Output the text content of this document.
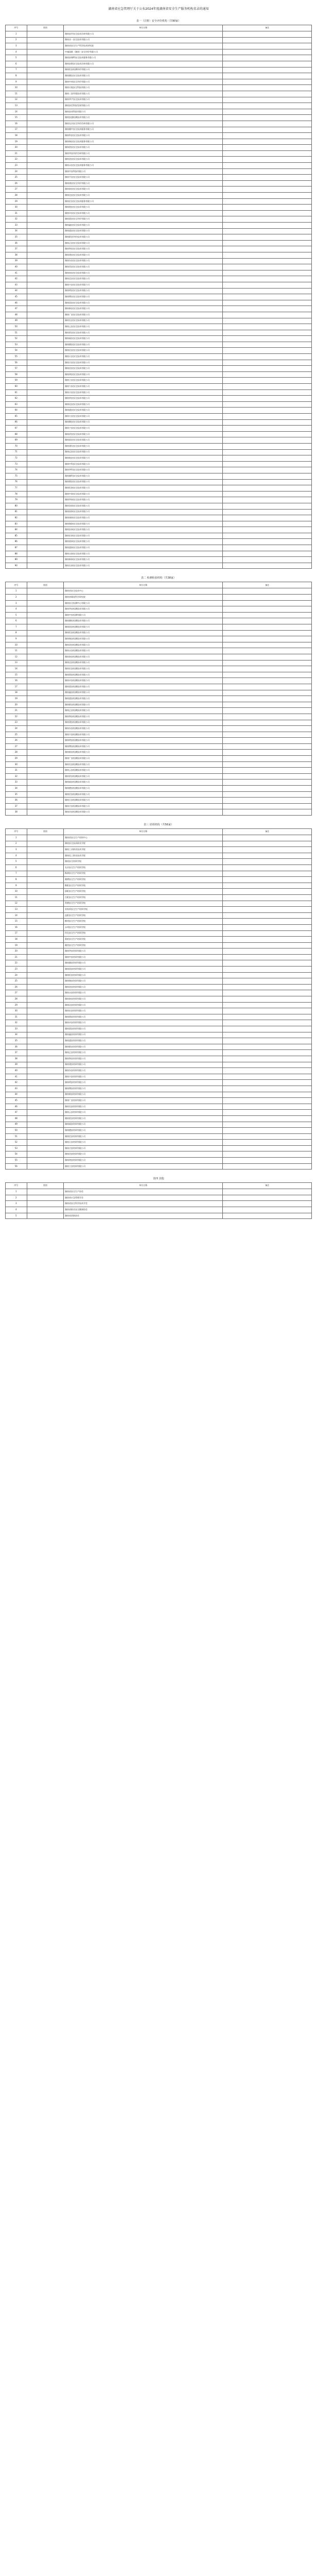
湖南省应急管理厅关于公布2024年度湖南省安全生产服务机构名录的通知
表一（注册）安全评价机构（共90家）
序号	类别	单位名称	备注
1		湖南安评安全技术咨询有限公司	
2		湖南众一安全技术有限公司	
3		湖南省安全生产科学技术研究院	
4		中诚国联（湖南）安全评价有限公司	
5		湖南安瑞特安全技术服务有限公司	
6		湖南安联安全技术咨询有限公司	
7		湖南恒安检测评价有限公司	
8		湖南湘安安全技术有限公司	
9		湖南中南安全评价有限公司	
10		湖南天地安全科技有限公司	
11		湖南三安环境技术有限公司	
12		湖南华宇安全技术有限公司	
13		湖南安信科技发展有限公司	
14		湖南安成科技有限公司	
15		湖南安盛检测技术有限公司	
16		湖南长沙安全评价咨询有限公司	
17		湖南湘中安全技术服务有限公司	
18		湖南科安安全技术有限公司	
19		湖南瑞安安全技术服务有限公司	
20		湖南创安安全技术有限公司	
21		湖南华安评价咨询有限公司	
22		湖南金安安全技术有限公司	
23		湖南永安安全技术服务有限公司	
24		湖南中安科技有限公司	
25		湖南平安安全技术有限公司	
26		湖南康安安全评价有限公司	
27		湖南泰安安全技术有限公司	
28		湖南达安安全技术有限公司	
29		湖南宏安安全技术服务有限公司	
30		湖南润安安全技术有限公司	
31		湖南卓安安全技术有限公司	
32		湖南嘉安安全评价有限公司	
33		湖南鑫安安全技术有限公司	
34		湖南盛安安全技术有限公司	
35		湖南联安评价技术有限公司	
36		湖南正安安全技术有限公司	
37		湖南和安安全技术有限公司	
38		湖南建安安全技术有限公司	
39		湖南东安安全技术有限公司	
40		湖南西安安全技术有限公司	
41		湖南南安安全技术有限公司	
42		湖南北安安全技术有限公司	
43		湖南兴安安全技术有限公司	
44		湖南明安安全技术有限公司	
45		湖南博安安全技术有限公司	
46		湖南国安安全技术有限公司	
47		湖南新安安全技术有限公司	
48		湖南广安安全技术有限公司	
49		湖南长安安全技术有限公司	
50		湖南云安安全技术有限公司	
51		湖南景安安全技术有限公司	
52		湖南福安安全技术有限公司	
53		湖南德安安全技术有限公司	
54		湖南信安安全技术有限公司	
55		湖南天安安全技术有限公司	
56		湖南吉安安全技术有限公司	
57		湖南昌安安全技术有限公司	
58		湖南鸿安安全技术有限公司	
59		湖南立安安全技术有限公司	
60		湖南力安安全技术有限公司	
61		湖南丰安安全技术有限公司	
62		湖南荣安安全技术有限公司	
63		湖南佳安安全技术有限公司	
64		湖南通安安全技术有限公司	
65		湖南万安安全技术有限公司	
66		湖南顺安安全技术有限公司	
67		湖南宁安安全技术有限公司	
68		湖南祥安安全技术有限公司	
69		湖南富安安全技术有限公司	
70		湖南建设安全技术有限公司	
71		湖南远安安全技术有限公司	
72		湖南航安安全技术有限公司	
73		湖南中科安全技术有限公司	
74		湖南华科安全技术有限公司	
75		湖南湘科安全技术有限公司	
76		湖南鼎安安全技术有限公司	
77		湖南恒泰安全技术有限公司	
78		湖南中泰安全技术有限公司	
79		湖南华泰安全技术有限公司	
80		湖南金泰安全技术有限公司	
81		湖南国泰安全技术有限公司	
82		湖南康泰安全技术有限公司	
83		湖南瑞泰安全技术有限公司	
84		湖南安泰安全技术有限公司	
85		湖南宏泰安全技术有限公司	
86		湖南嘉泰安全技术有限公司	
87		湖南盛泰安全技术有限公司	
88		湖南永泰安全技术有限公司	
89		湖南新泰安全技术有限公司	
90		湖南长泰安全技术有限公司	
表二 检测检验机构（共38家）
序号	类别	单位名称	备注
1		湖南省安全技术中心	
2		湖南省煤炭科学研究院	
3		湖南安全检测中心有限公司	
4		湖南华安检测技术有限公司	
5		湖南中安检测有限公司	
6		湖南湘检检测技术有限公司	
7		湖南国安检测技术有限公司	
8		湖南恒安检测技术有限公司	
9		湖南瑞安检测技术有限公司	
10		湖南金安检测技术有限公司	
11		湖南永安检测技术有限公司	
12		湖南泰安检测技术有限公司	
13		湖南达安检测技术有限公司	
14		湖南宏安检测技术有限公司	
15		湖南润安检测技术有限公司	
16		湖南卓安检测技术有限公司	
17		湖南嘉安检测技术有限公司	
18		湖南鑫安检测技术有限公司	
19		湖南盛安检测技术有限公司	
20		湖南联安检测技术有限公司	
21		湖南正安检测技术有限公司	
22		湖南和安检测技术有限公司	
23		湖南建安检测技术有限公司	
24		湖南东安检测技术有限公司	
25		湖南兴安检测技术有限公司	
26		湖南明安检测技术有限公司	
27		湖南博安检测技术有限公司	
28		湖南新安检测技术有限公司	
29		湖南广安检测技术有限公司	
30		湖南长安检测技术有限公司	
31		湖南云安检测技术有限公司	
32		湖南景安检测技术有限公司	
33		湖南福安检测技术有限公司	
34		湖南德安检测技术有限公司	
35		湖南信安检测技术有限公司	
36		湖南天安检测技术有限公司	
37		湖南吉安检测技术有限公司	
38		湖南昌安检测技术有限公司	
表三 培训机构（共56家）
序号	类别	单位名称	备注
1		湖南省安全生产培训中心	
2		湖南安全技术职业学院	
3		湖南工业职业技术学院	
4		湖南化工职业技术学院	
5		湖南安全培训学校	
6		长沙安全生产培训学校	
7		株洲安全生产培训学校	
8		湘潭安全生产培训学校	
9		衡阳安全生产培训学校	
10		邵阳安全生产培训学校	
11		岳阳安全生产培训学校	
12		常德安全生产培训学校	
13		张家界安全生产培训学校	
14		益阳安全生产培训学校	
15		郴州安全生产培训学校	
16		永州安全生产培训学校	
17		怀化安全生产培训学校	
18		娄底安全生产培训学校	
19		湘西安全生产培训学校	
20		湖南华安培训有限公司	
21		湖南中安培训有限公司	
22		湖南湘安培训有限公司	
23		湖南国安培训有限公司	
24		湖南恒安培训有限公司	
25		湖南瑞安培训有限公司	
26		湖南金安培训有限公司	
27		湖南永安培训有限公司	
28		湖南泰安培训有限公司	
29		湖南达安培训有限公司	
30		湖南宏安培训有限公司	
31		湖南润安培训有限公司	
32		湖南卓安培训有限公司	
33		湖南嘉安培训有限公司	
34		湖南鑫安培训有限公司	
35		湖南盛安培训有限公司	
36		湖南联安培训有限公司	
37		湖南正安培训有限公司	
38		湖南和安培训有限公司	
39		湖南建安培训有限公司	
40		湖南东安培训有限公司	
41		湖南兴安培训有限公司	
42		湖南明安培训有限公司	
43		湖南博安培训有限公司	
44		湖南新安培训有限公司	
45		湖南广安培训有限公司	
46		湖南长安培训有限公司	
47		湖南云安培训有限公司	
48		湖南景安培训有限公司	
49		湖南福安培训有限公司	
50		湖南德安培训有限公司	
51		湖南信安培训有限公司	
52		湖南天安培训有限公司	
53		湖南吉安培训有限公司	
54		湖南昌安培训有限公司	
55		湖南鸿安培训有限公司	
56		湖南立安培训有限公司	
表四 其他
序号	类别	单位名称	备注
1		湖南省安全生产协会	
2		湖南省应急管理学会	
3		湖南省安全科学技术学会	
4		湖南省职业安全健康协会	
5		湖南省消防协会	
